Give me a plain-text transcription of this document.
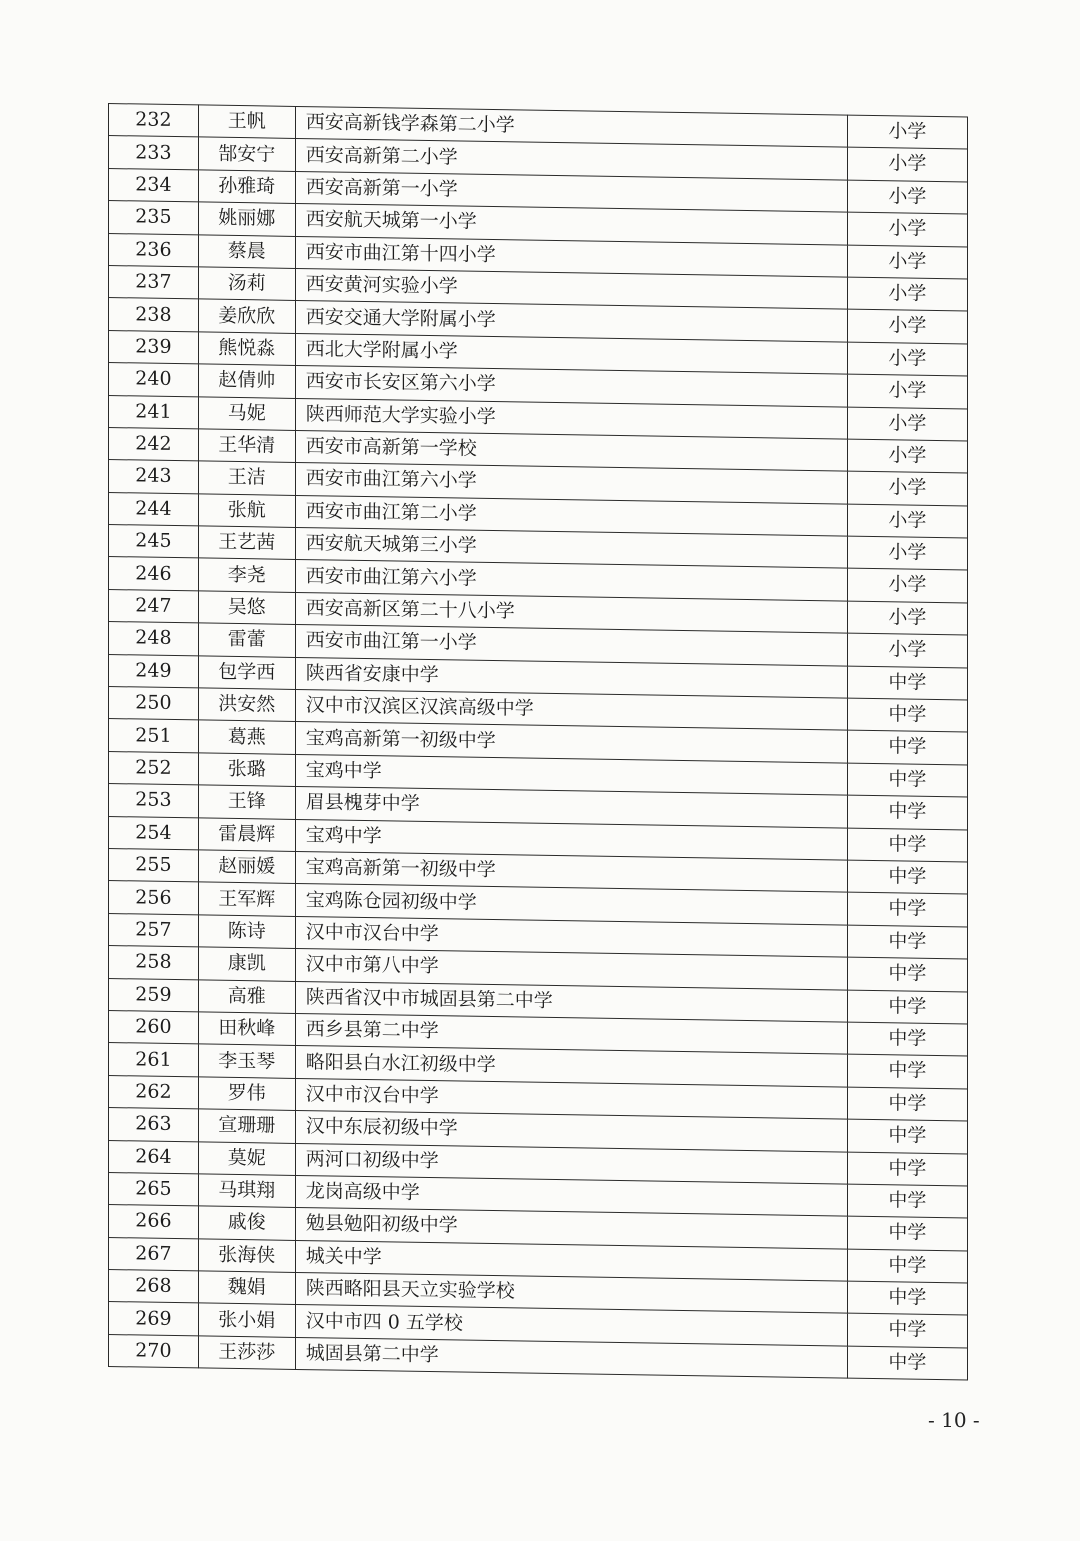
232	王帆	西安高新钱学森第二小学	小学
233	郜安宁	西安高新第二小学	小学
234	孙雅琦	西安高新第一小学	小学
235	姚丽娜	西安航天城第一小学	小学
236	蔡晨	西安市曲江第十四小学	小学
237	汤莉	西安黄河实验小学	小学
238	姜欣欣	西安交通大学附属小学	小学
239	熊悦淼	西北大学附属小学	小学
240	赵倩帅	西安市长安区第六小学	小学
241	马妮	陕西师范大学实验小学	小学
242	王华清	西安市高新第一学校	小学
243	王洁	西安市曲江第六小学	小学
244	张航	西安市曲江第二小学	小学
245	王艺茜	西安航天城第三小学	小学
246	李尧	西安市曲江第六小学	小学
247	吴悠	西安高新区第二十八小学	小学
248	雷蕾	西安市曲江第一小学	小学
249	包学西	陕西省安康中学	中学
250	洪安然	汉中市汉滨区汉滨高级中学	中学
251	葛燕	宝鸡高新第一初级中学	中学
252	张璐	宝鸡中学	中学
253	王锋	眉县槐芽中学	中学
254	雷晨辉	宝鸡中学	中学
255	赵丽媛	宝鸡高新第一初级中学	中学
256	王军辉	宝鸡陈仓园初级中学	中学
257	陈诗	汉中市汉台中学	中学
258	康凯	汉中市第八中学	中学
259	高雅	陕西省汉中市城固县第二中学	中学
260	田秋峰	西乡县第二中学	中学
261	李玉琴	略阳县白水江初级中学	中学
262	罗伟	汉中市汉台中学	中学
263	宣珊珊	汉中东辰初级中学	中学
264	莫妮	两河口初级中学	中学
265	马琪翔	龙岗高级中学	中学
266	戚俊	勉县勉阳初级中学	中学
267	张海侠	城关中学	中学
268	魏娟	陕西略阳县天立实验学校	中学
269	张小娟	汉中市四 0 五学校	中学
270	王莎莎	城固县第二中学	中学
- 10 -
